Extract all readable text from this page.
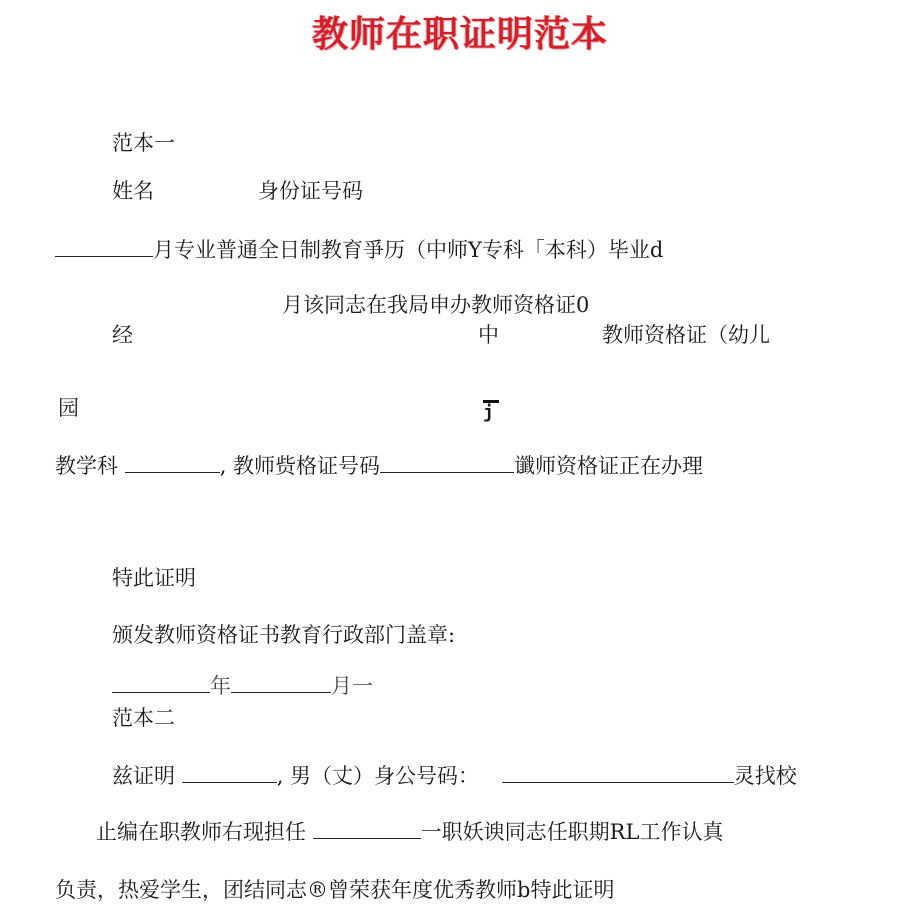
教师在职证明范本
范本一
姓名	身份证号码
月专业普通全日制教育爭历（中师Y专科「本科）毕业d
月该同志在我局申办教师资格证0
经	中	教师资格证（幼儿
园	j
教学科	, 教师赀格证号码	谶师资格证正在办理
特此证明
颁发教师资格证书教育行政部门盖章:
年	月一
范本二
兹证明	, 男（丈）身公号码：	灵找校
止编在职教师右现担任	一职妖谀同志任职期RL工作认真
负责，热爱学生，团结同志®曾荣获年度优秀教师b特此证明
